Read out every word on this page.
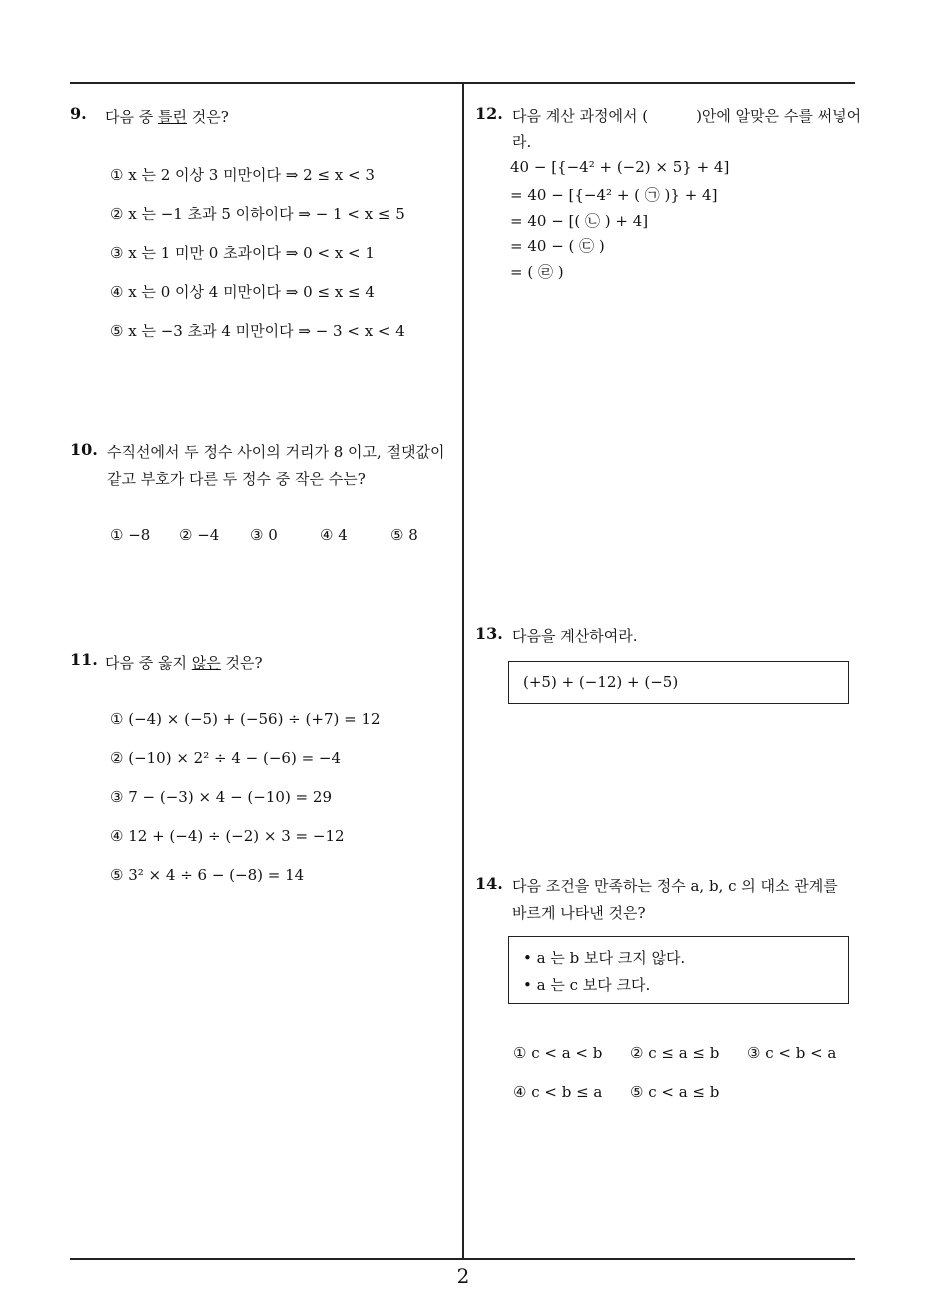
9. 다음 중 틀린 것은?
① x 는 2 이상 3 미만이다 ⇒ 2 ≤ x < 3
② x 는 −1 초과 5 이하이다 ⇒ − 1 < x ≤ 5
③ x 는 1 미만 0 초과이다 ⇒ 0 < x < 1
④ x 는 0 이상 4 미만이다 ⇒ 0 ≤ x ≤ 4
⑤ x 는 −3 초과 4 미만이다 ⇒ − 3 < x < 4
10. 수직선에서 두 정수 사이의 거리가 8 이고, 절댓값이
같고 부호가 다른 두 정수 중 작은 수는?
① −8 ② −4 ③ 0	④ 4	⑤ 8
11. 다음 중 옳지 않은 것은?
① (−4) × (−5) + (−56) ÷ (+7) = 12
② (−10) × 2² ÷ 4 − (−6) = −4
③ 7 − (−3) × 4 − (−10) = 29
④ 12 + (−4) ÷ (−2) × 3 = −12
⑤ 3² × 4 ÷ 6 − (−8) = 14
12. 다음 계산 과정에서 (	)안에 알맞은 수를 써넣어
라.
40 − [{−4² + (−2) × 5} + 4]
= 40 − [{−4² + ( ㉠ )} + 4]
= 40 − [( ㉡ ) + 4]
= 40 − ( ㉢ )
= ( ㉣ )
13. 다음을 계산하여라.
(+5) + (−12) + (−5)
14. 다음 조건을 만족하는 정수 a, b, c 의 대소 관계를
바르게 나타낸 것은?
• a 는 b 보다 크지 않다.
• a 는 c 보다 크다.
① c < a < b ② c ≤ a ≤ b ③ c < b < a
④ c < b ≤ a ⑤ c < a ≤ b
2
